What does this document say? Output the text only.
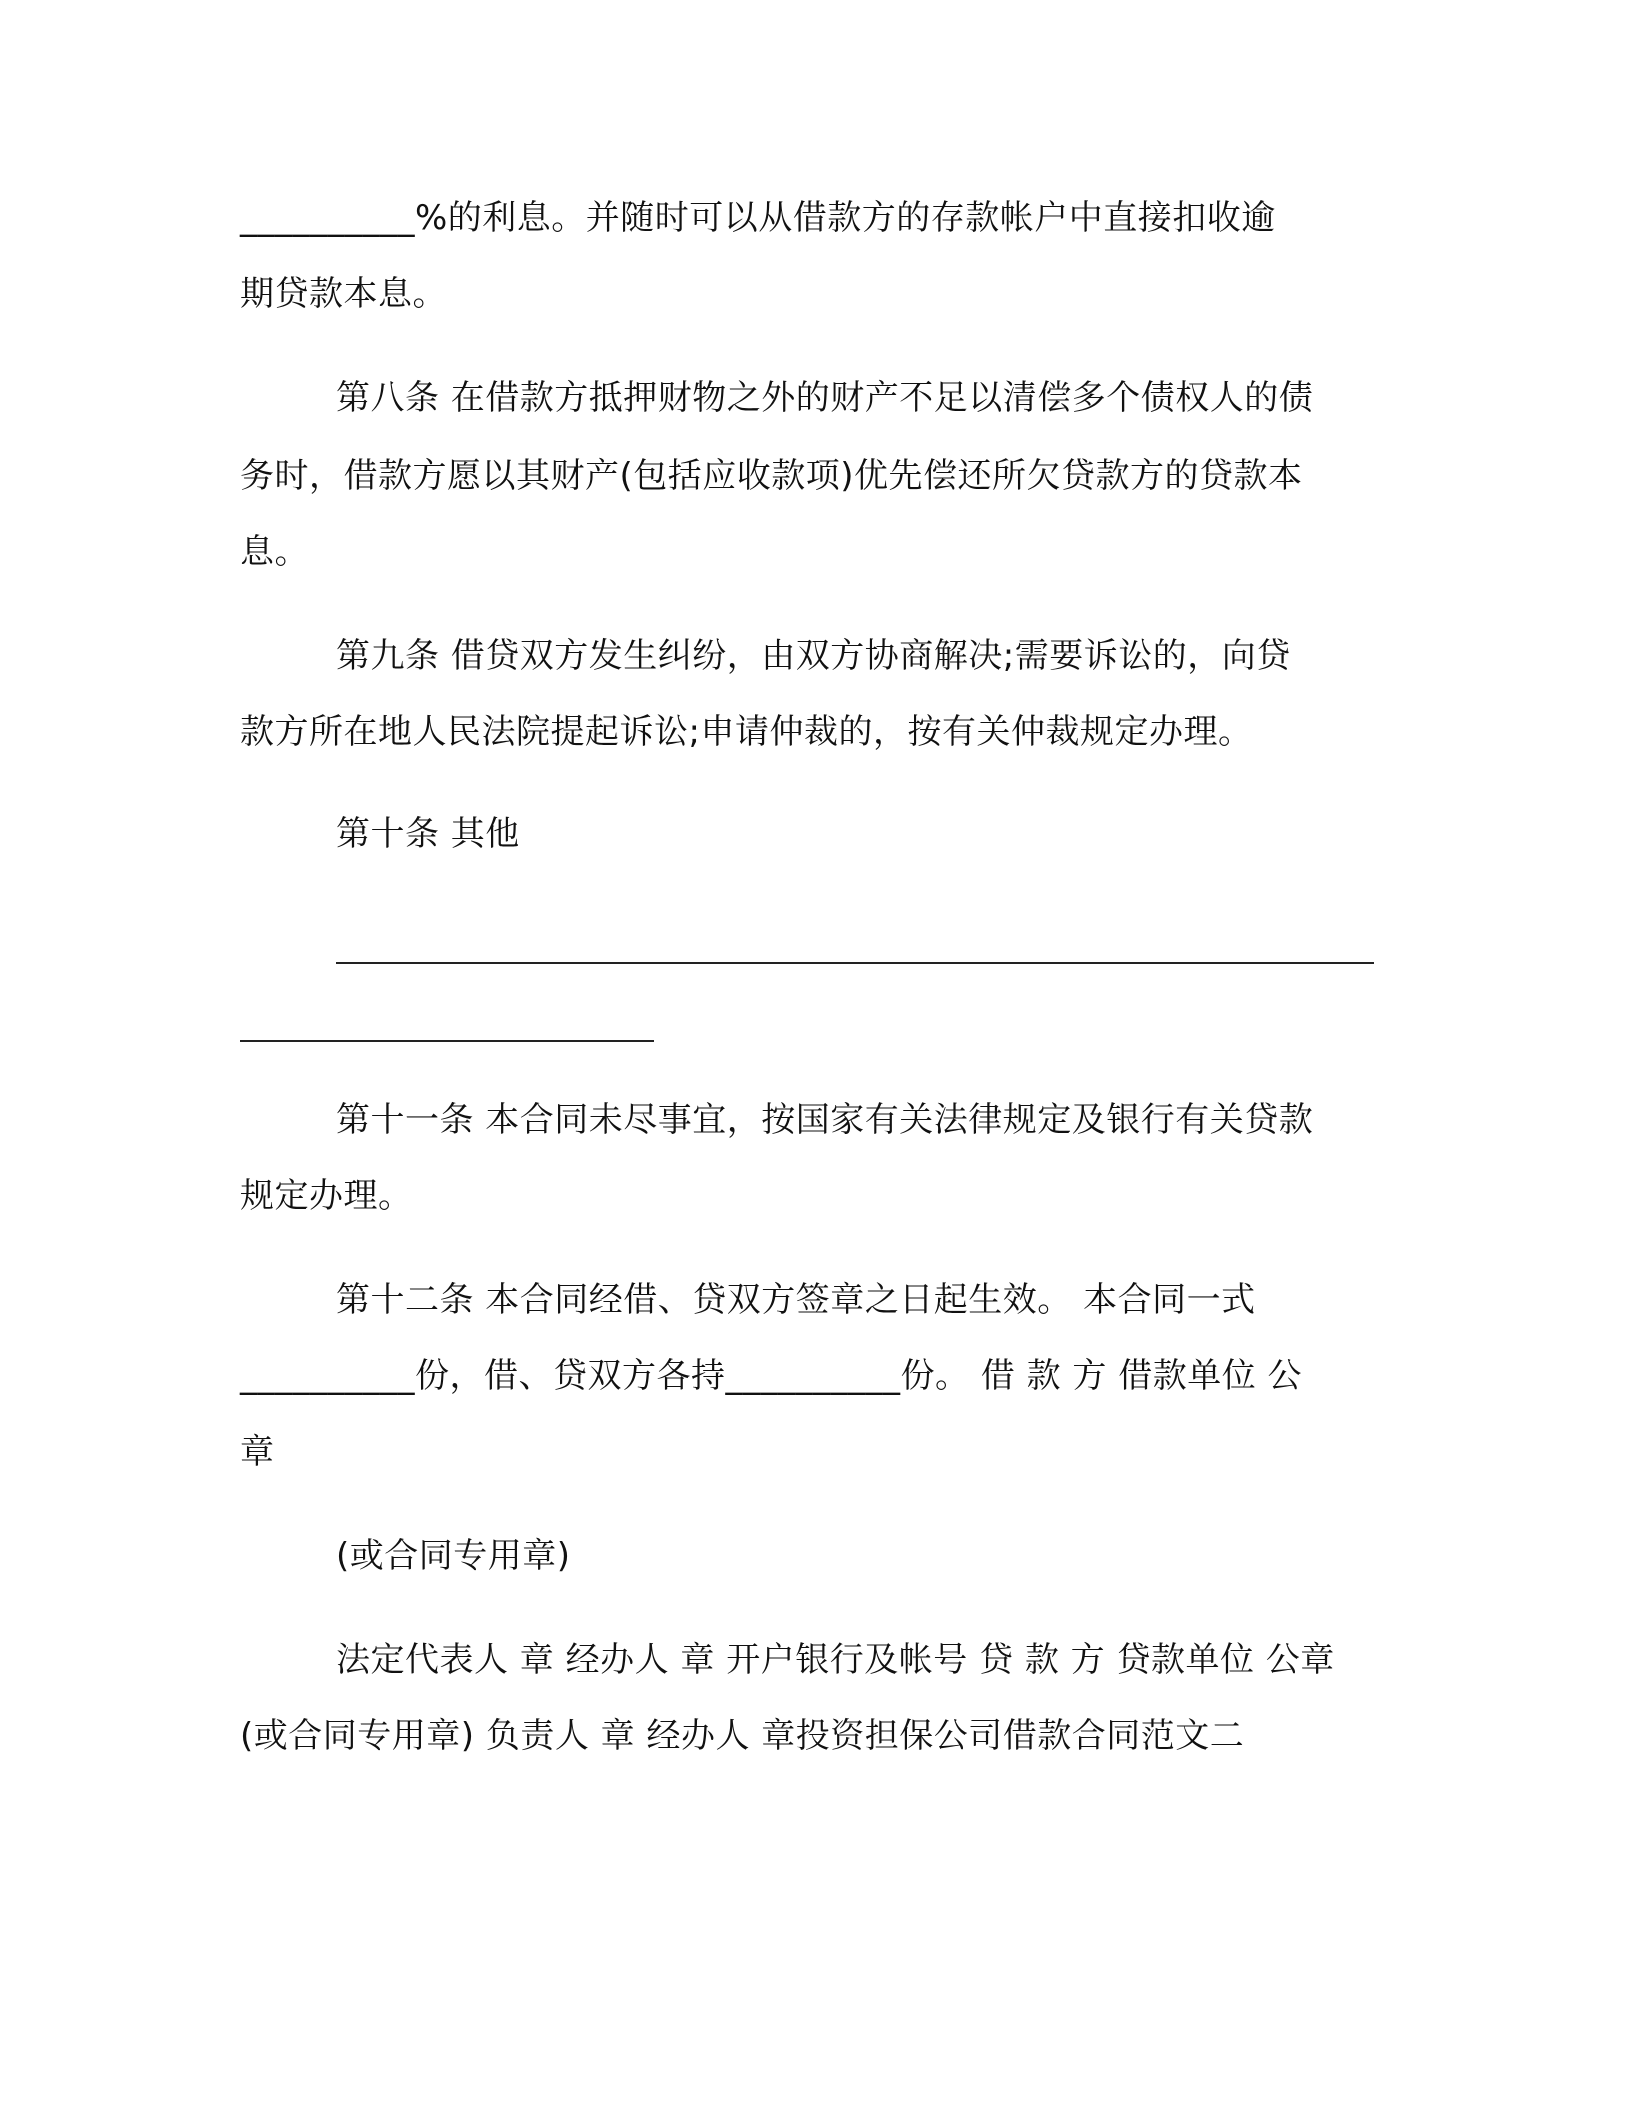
__________%的利息。并随时可以从借款方的存款帐户中直接扣收逾
期贷款本息。
第八条 在借款方抵押财物之外的财产不足以清偿多个债权人的债
务时，借款方愿以其财产(包括应收款项)优先偿还所欠贷款方的贷款本
息。
第九条 借贷双方发生纠纷，由双方协商解决;需要诉讼的，向贷
款方所在地人民法院提起诉讼;申请仲裁的，按有关仲裁规定办理。
第十条 其他
第十一条 本合同未尽事宜，按国家有关法律规定及银行有关贷款
规定办理。
第十二条 本合同经借、贷双方签章之日起生效。 本合同一式
__________份，借、贷双方各持__________份。 借 款 方 借款单位 公
章
(或合同专用章)
法定代表人 章 经办人 章 开户银行及帐号 贷 款 方 贷款单位 公章
(或合同专用章) 负责人 章 经办人 章投资担保公司借款合同范文二
